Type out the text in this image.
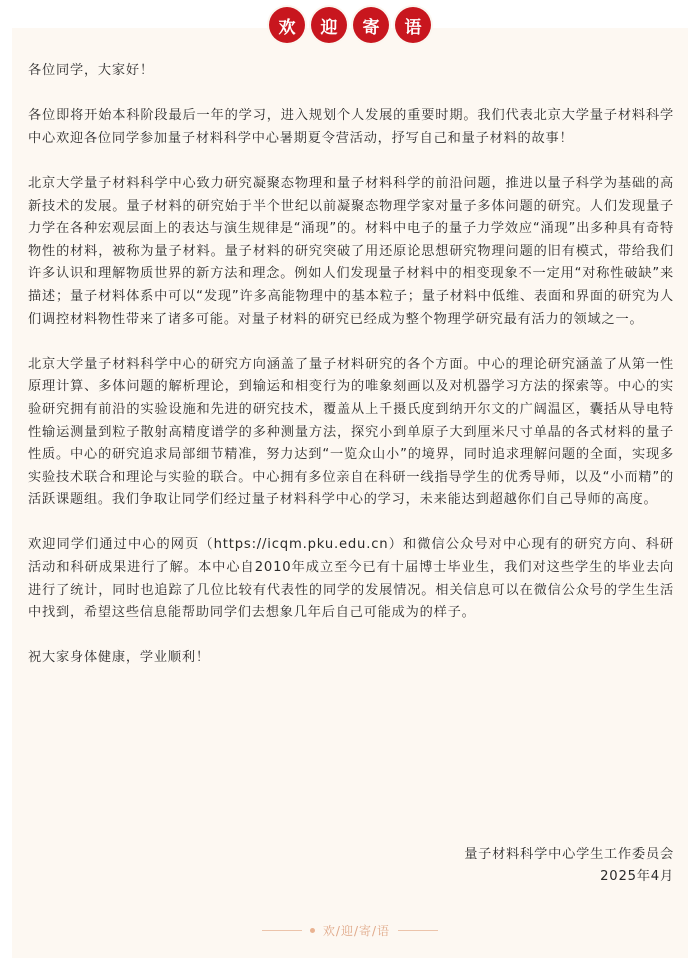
欢	迎	寄	语

各位同学，大家好！

各位即将开始本科阶段最后一年的学习，进入规划个人发展的重要时期。我们代表北京大学量子材料科学中心欢迎各位同学参加量子材料科学中心暑期夏令营活动，抒写自己和量子材料的故事！

北京大学量子材料科学中心致力研究凝聚态物理和量子材料科学的前沿问题，推进以量子科学为基础的高新技术的发展。量子材料的研究始于半个世纪以前凝聚态物理学家对量子多体问题的研究。人们发现量子力学在各种宏观层面上的表达与演生规律是“涌现”的。材料中电子的量子力学效应“涌现”出多种具有奇特物性的材料，被称为量子材料。量子材料的研究突破了用还原论思想研究物理问题的旧有模式，带给我们许多认识和理解物质世界的新方法和理念。例如人们发现量子材料中的相变现象不一定用“对称性破缺”来描述；量子材料体系中可以“发现”许多高能物理中的基本粒子；量子材料中低维、表面和界面的研究为人们调控材料物性带来了诸多可能。对量子材料的研究已经成为整个物理学研究最有活力的领域之一。

北京大学量子材料科学中心的研究方向涵盖了量子材料研究的各个方面。中心的理论研究涵盖了从第一性原理计算、多体问题的解析理论，到输运和相变行为的唯象刻画以及对机器学习方法的探索等。中心的实验研究拥有前沿的实验设施和先进的研究技术，覆盖从上千摄氏度到纳开尔文的广阔温区，囊括从导电特性输运测量到粒子散射高精度谱学的多种测量方法，探究小到单原子大到厘米尺寸单晶的各式材料的量子性质。中心的研究追求局部细节精准，努力达到“一览众山小”的境界，同时追求理解问题的全面，实现多实验技术联合和理论与实验的联合。中心拥有多位亲自在科研一线指导学生的优秀导师，以及“小而精”的活跃课题组。我们争取让同学们经过量子材料科学中心的学习，未来能达到超越你们自己导师的高度。

欢迎同学们通过中心的网页（https://icqm.pku.edu.cn）和微信公众号对中心现有的研究方向、科研活动和科研成果进行了解。本中心自2010年成立至今已有十届博士毕业生，我们对这些学生的毕业去向进行了统计，同时也追踪了几位比较有代表性的同学的发展情况。相关信息可以在微信公众号的学生生活中找到，希望这些信息能帮助同学们去想象几年后自己可能成为的样子。

祝大家身体健康，学业顺利！

量子材料科学中心学生工作委员会
2025年4月
欢/迎/寄/语
